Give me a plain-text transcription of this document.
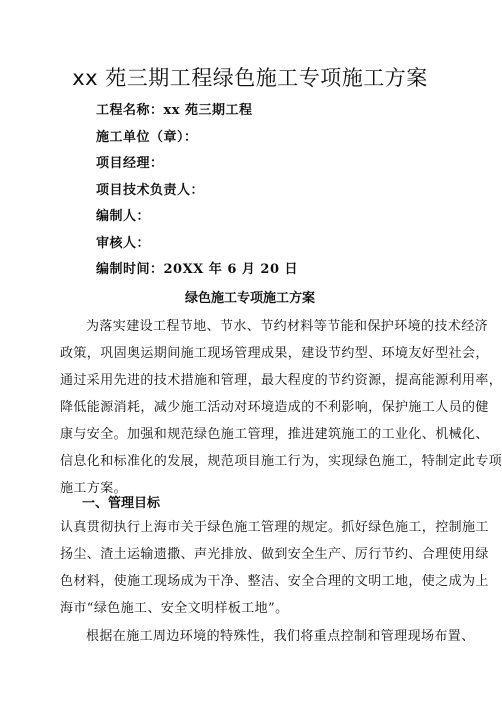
xx 苑三期工程绿色施工专项施工方案
工程名称：xx 苑三期工程
施工单位（章）：
项目经理：
项目技术负责人：
编制人：
审核人：
编制时间：20XX 年 6 月 20 日
绿色施工专项施工方案
为落实建设工程节地、节水、节约材料等节能和保护环境的技术经济
政策，巩固奥运期间施工现场管理成果，建设节约型、环境友好型社会，
通过采用先进的技术措施和管理，最大程度的节约资源，提高能源利用率，
降低能源消耗，减少施工活动对环境造成的不利影响，保护施工人员的健
康与安全。加强和规范绿色施工管理，推进建筑施工的工业化、机械化、
信息化和标准化的发展，规范项目施工行为，实现绿色施工，特制定此专项
施工方案。
一、管理目标
认真贯彻执行上海市关于绿色施工管理的规定。抓好绿色施工，控制施工
扬尘、渣土运输遗撒、声光排放、做到安全生产、厉行节约、合理使用绿
色材料，使施工现场成为干净、整洁、安全合理的文明工地，使之成为上
海市“绿色施工、安全文明样板工地”。
根据在施工周边环境的特殊性，我们将重点控制和管理现场布置、
